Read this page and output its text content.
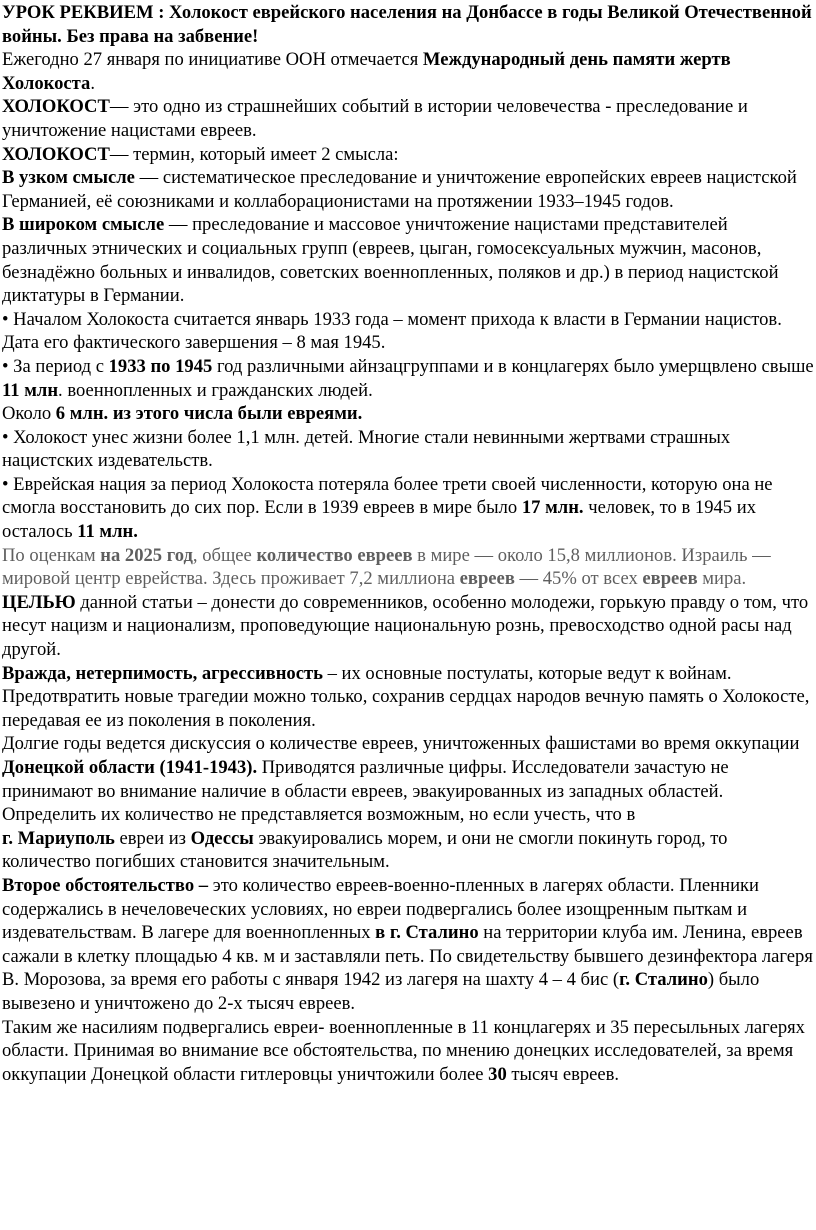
УРОК РЕКВИЕМ : Холокост еврейского населения на Донбассе в годы Великой Отечественной войны. Без права на забвение!

Ежегодно 27 января по инициативе ООН отмечается Международный день памяти жертв Холокоста.

ХОЛОКОСТ— это одно из страшнейших событий в истории человечества - преследование и уничтожение нацистами евреев.

ХОЛОКОСТ— термин, который имеет 2 смысла:

В узком смысле — систематическое преследование и уничтожение европейских евреев нацистской Германией, её союзниками и коллаборационистами на протяжении 1933–1945 годов.

В широком смысле — преследование и массовое уничтожение нацистами представителей различных этнических и социальных групп (евреев, цыган, гомосексуальных мужчин, масонов, безнадёжно больных и инвалидов, советских военнопленных, поляков и др.) в период нацистской диктатуры в Германии.

• Началом Холокоста считается январь 1933 года – момент прихода к власти в Германии нацистов. Дата его фактического завершения – 8 мая 1945.

• За период с 1933 по 1945 год различными айнзацгруппами и в концлагерях было умерщвлено свыше 11 млн. военнопленных и гражданских людей.

Около 6 млн. из этого числа были евреями.

• Холокост унес жизни более 1,1 млн. детей. Многие стали невинными жертвами страшных нацистских издевательств.

• Еврейская нация за период Холокоста потеряла более трети своей численности, которую она не смогла восстановить до сих пор. Если в 1939 евреев в мире было 17 млн. человек, то в 1945 их осталось 11 млн.

По оценкам на 2025 год, общее количество евреев в мире — около 15,8 миллионов. Израиль — мировой центр еврейства. Здесь проживает 7,2 миллиона евреев — 45% от всех евреев мира.

ЦЕЛЬЮ данной статьи – донести до современников, особенно молодежи, горькую правду о том, что несут нацизм и национализм, проповедующие национальную рознь, превосходство одной расы над другой.

Вражда, нетерпимость, агрессивность – их основные постулаты, которые ведут к войнам. Предотвратить новые трагедии можно только, сохранив сердцах народов вечную память о Холокосте, передавая ее из поколения в поколения.

Долгие годы ведется дискуссия о количестве евреев, уничтоженных фашистами во время оккупации Донецкой области (1941-1943). Приводятся различные цифры. Исследователи зачастую не принимают во внимание наличие в области евреев, эвакуированных из западных областей. Определить их количество не представляется возможным, но если учесть, что в

г. Мариуполь евреи из Одессы эвакуировались морем, и они не смогли покинуть город, то количество погибших становится значительным.

Второе обстоятельство – это количество евреев-военно-пленных в лагерях области. Пленники содержались в нечеловеческих условиях, но евреи подвергались более изощренным пыткам и издевательствам. В лагере для военнопленных в г. Сталино на территории клуба им. Ленина, евреев сажали в клетку площадью 4 кв. м и заставляли петь. По свидетельству бывшего дезинфектора лагеря В. Морозова, за время его работы с января 1942 из лагеря на шахту 4 – 4 бис (г. Сталино) было вывезено и уничтожено до 2-х тысяч евреев.

Таким же насилиям подвергались евреи- военнопленные в 11 концлагерях и 35 пересыльных лагерях области. Принимая во внимание все обстоятельства, по мнению донецких исследователей, за время оккупации Донецкой области гитлеровцы уничтожили более 30 тысяч евреев.
